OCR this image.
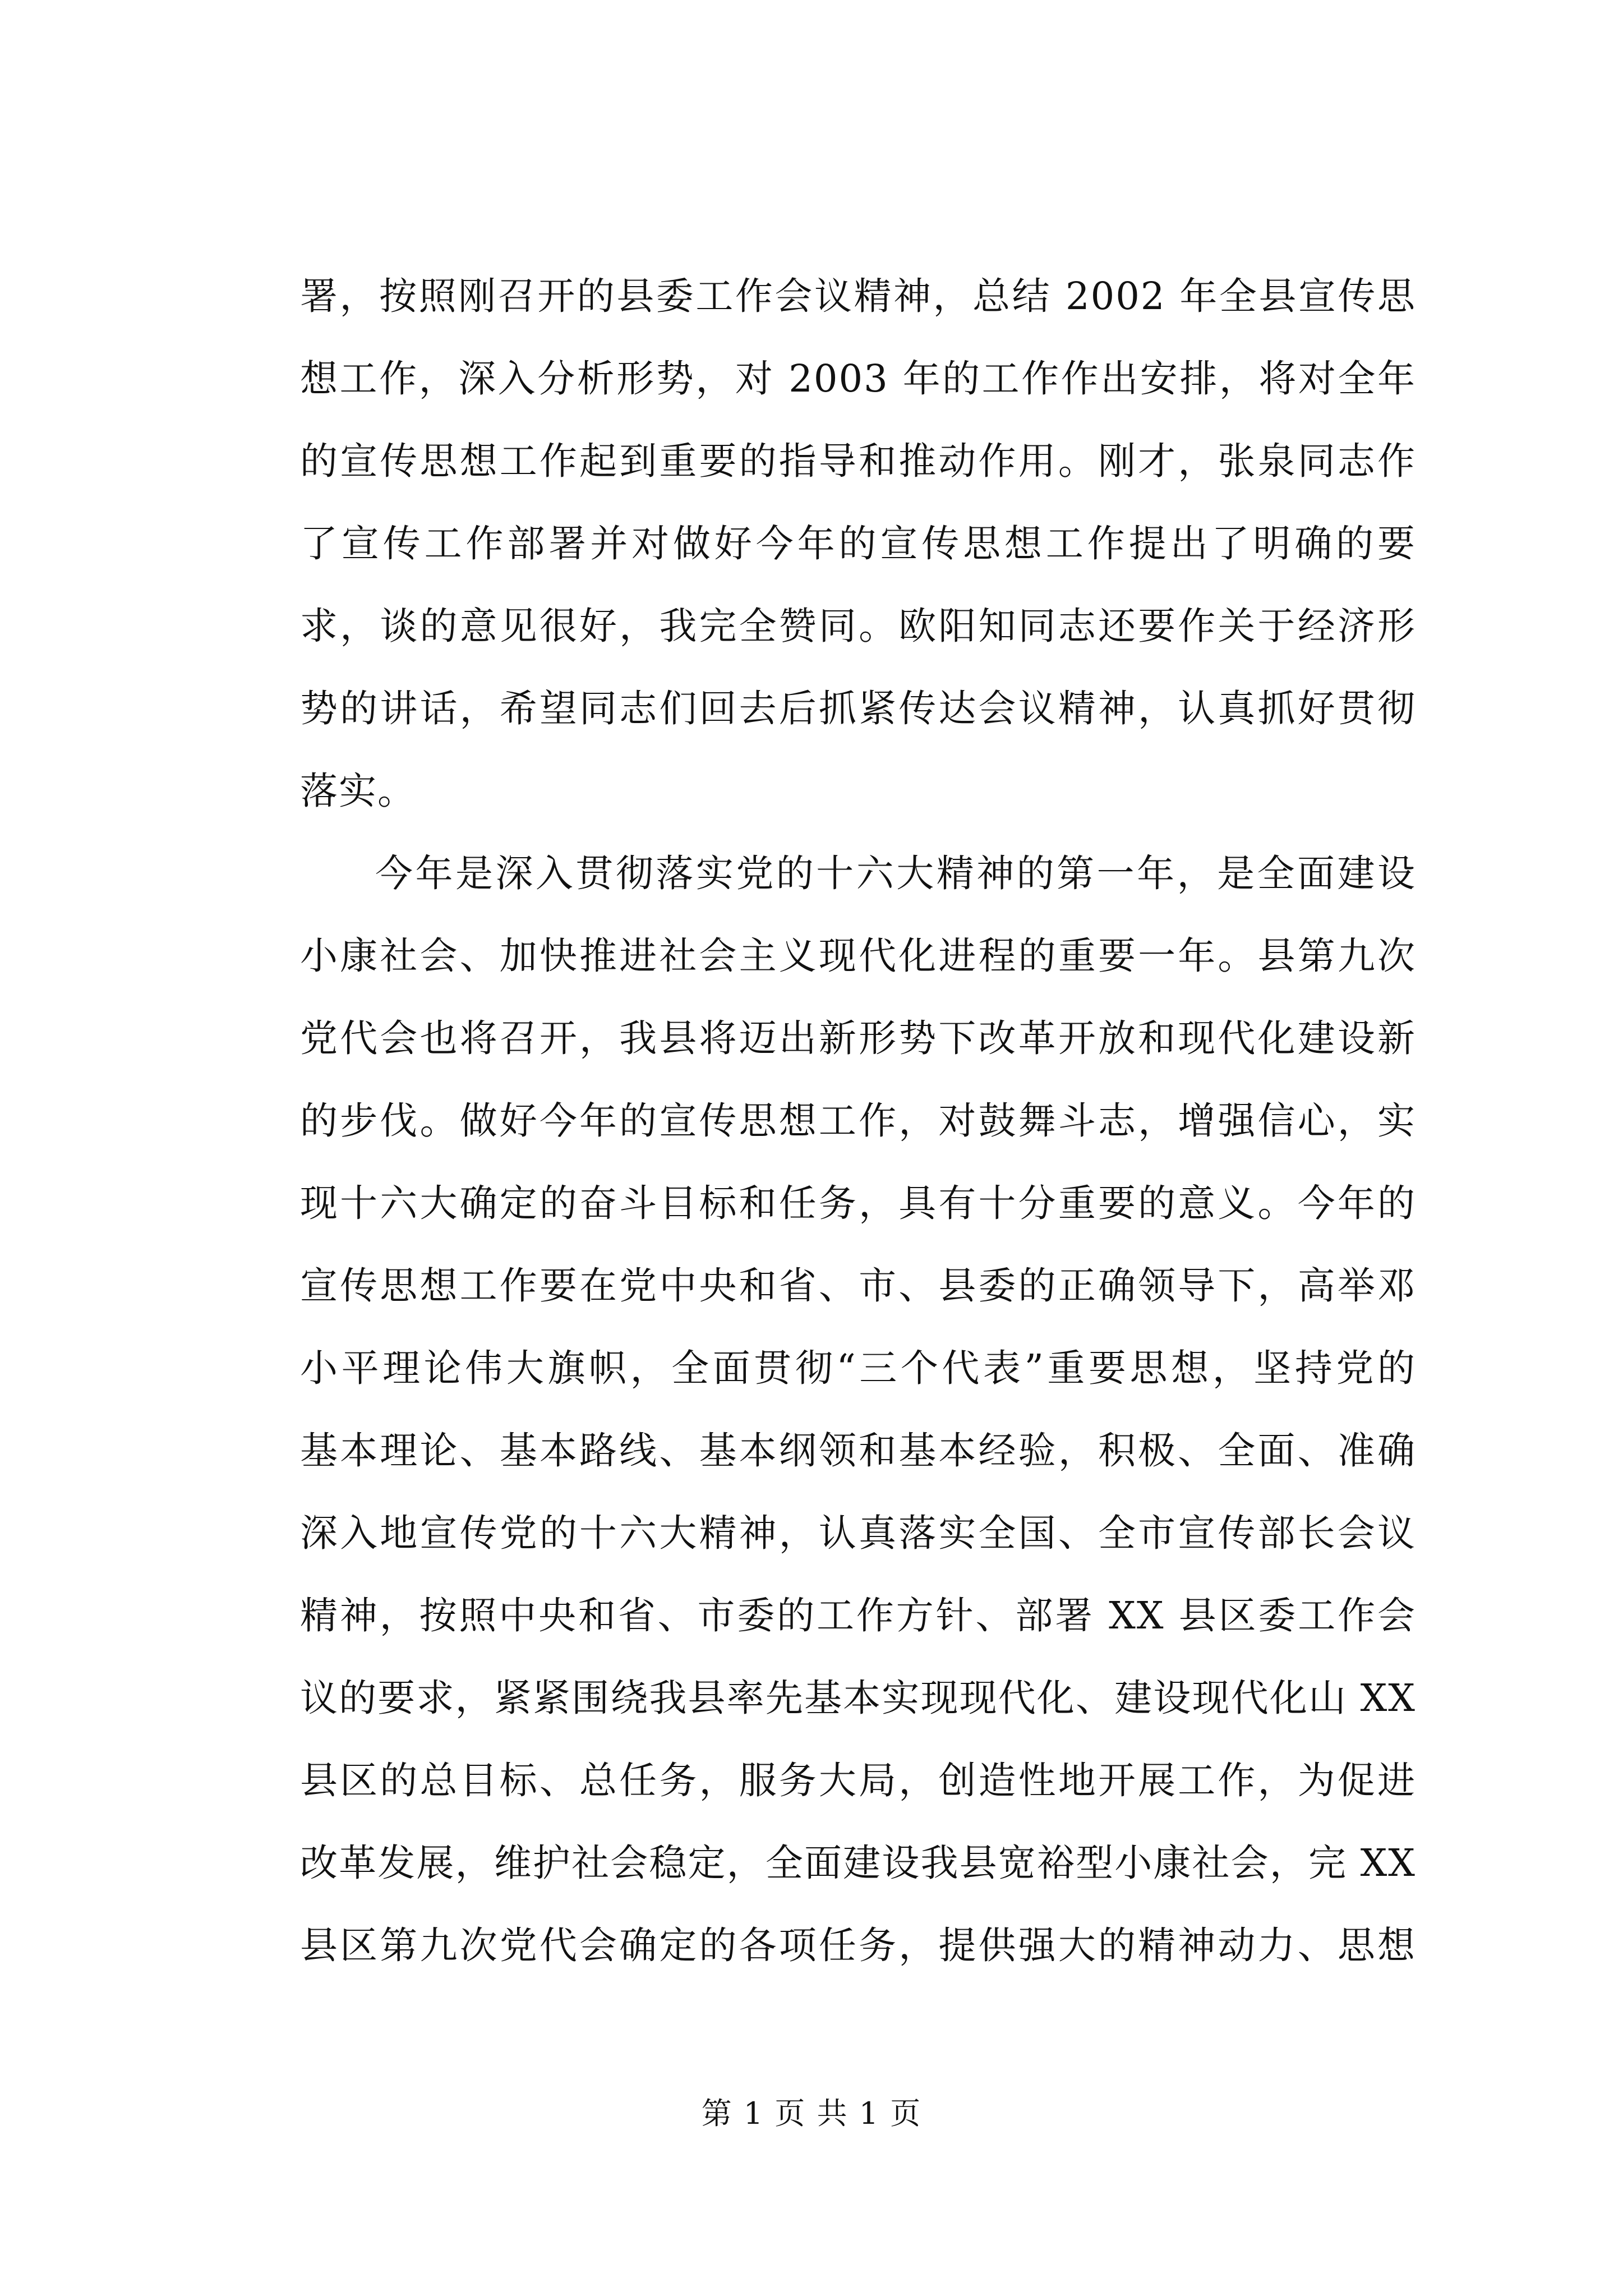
署，按照刚召开的县委工作会议精神，总结 2002 年全县宣传思
想工作，深入分析形势，对 2003 年的工作作出安排，将对全年
的宣传思想工作起到重要的指导和推动作用。刚才，张泉同志作
了宣传工作部署并对做好今年的宣传思想工作提出了明确的要
求，谈的意见很好，我完全赞同。欧阳知同志还要作关于经济形
势的讲话，希望同志们回去后抓紧传达会议精神，认真抓好贯彻
落实。
今年是深入贯彻落实党的十六大精神的第一年，是全面建设
小康社会、加快推进社会主义现代化进程的重要一年。县第九次
党代会也将召开，我县将迈出新形势下改革开放和现代化建设新
的步伐。做好今年的宣传思想工作，对鼓舞斗志，增强信心，实
现十六大确定的奋斗目标和任务，具有十分重要的意义。今年的
宣传思想工作要在党中央和省、市、县委的正确领导下，高举邓
小平理论伟大旗帜，全面贯彻“三个代表”重要思想，坚持党的
基本理论、基本路线、基本纲领和基本经验，积极、全面、准确
深入地宣传党的十六大精神，认真落实全国、全市宣传部长会议
精神，按照中央和省、市委的工作方针、部署 XX 县区委工作会
议的要求，紧紧围绕我县率先基本实现现代化、建设现代化山 XX
县区的总目标、总任务，服务大局，创造性地开展工作，为促进
改革发展，维护社会稳定，全面建设我县宽裕型小康社会，完 XX
县区第九次党代会确定的各项任务，提供强大的精神动力、思想
第 1 页 共 1 页
